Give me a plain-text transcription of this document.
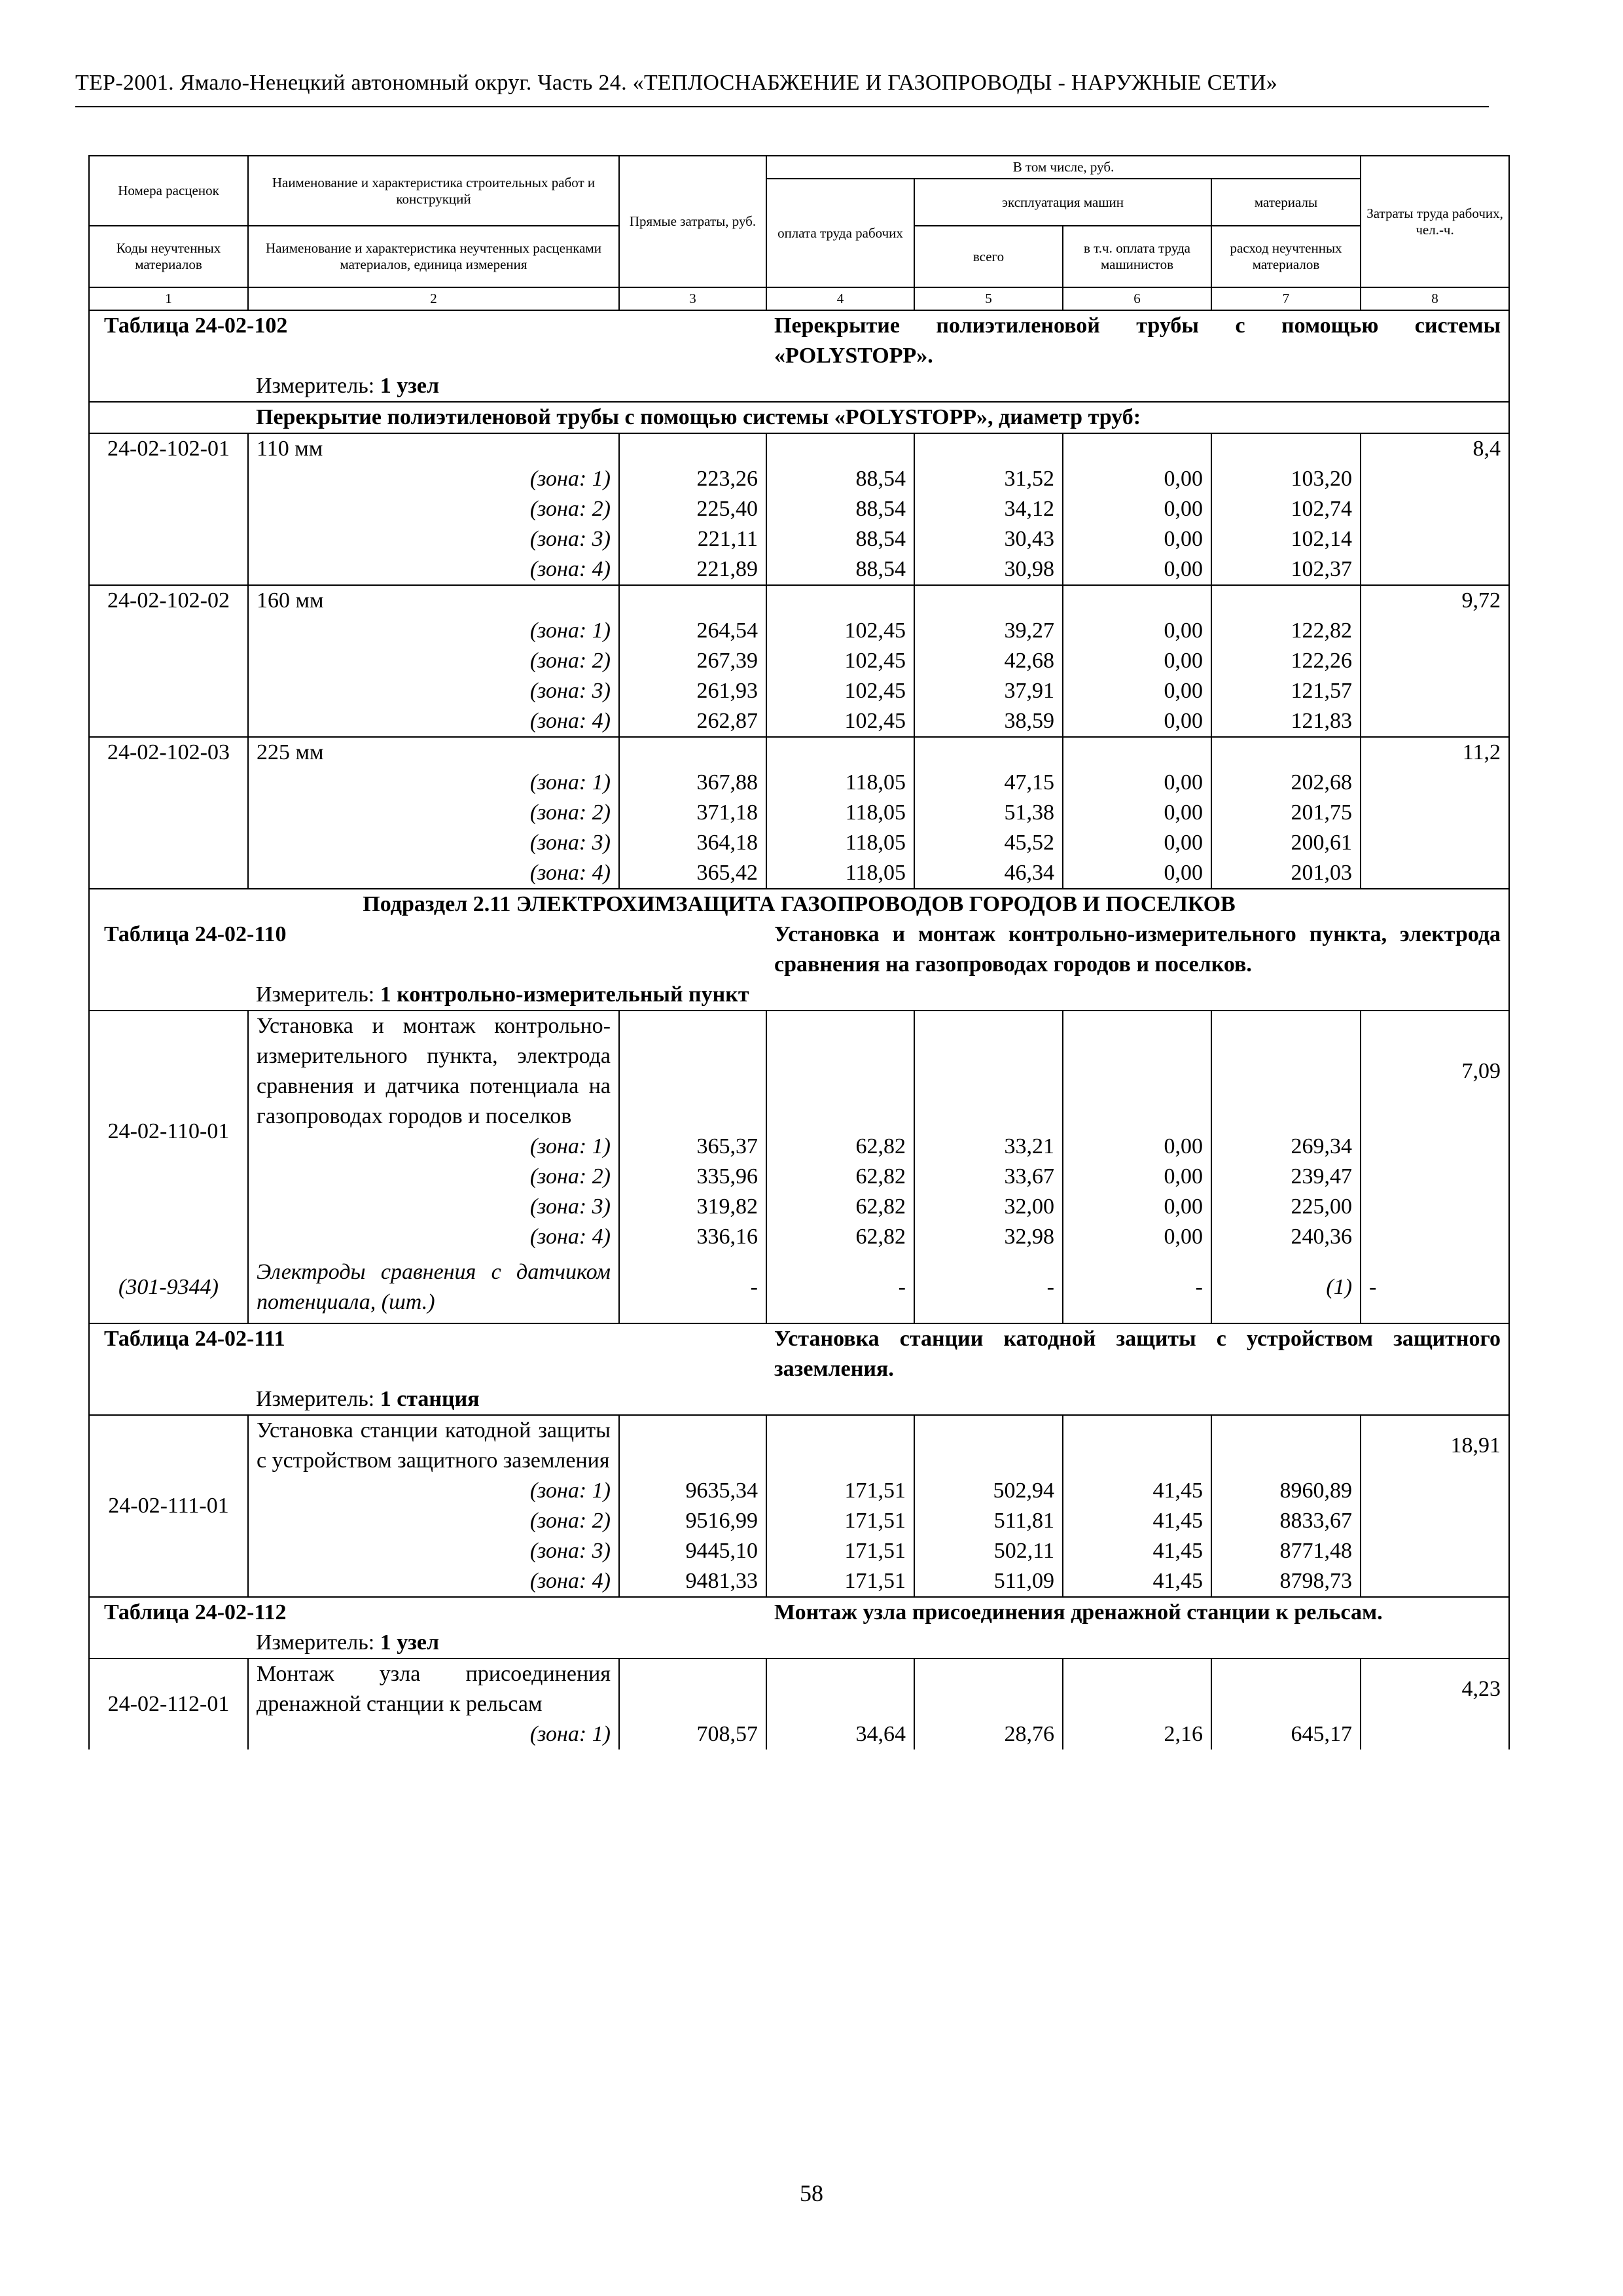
ТЕР-2001. Ямало-Ненецкий автономный округ. Часть 24. «ТЕПЛОСНАБЖЕНИЕ И ГАЗОПРОВОДЫ - НАРУЖНЫЕ СЕТИ»
Номера расценок	Наименование и характеристика строительных работ и конструкций	Прямые затраты, руб.	В том числе, руб.				Затраты труда рабочих, чел.-ч.
			оплата труда рабочих	эксплуатация машин		материалы	
Коды неучтенных материалов	Наименование и характеристика неучтенных расценками материалов, единица измерения			всего	в т.ч. оплата труда машинистов	расход неучтенных материалов	
1	2	3	4	5	6	7	8
Таблица 24-02-102			Перекрытие полиэтиленовой трубы с помощью системы «POLYSTOPP».				
	Измеритель: 1 узел						
	Перекрытие полиэтиленовой трубы с помощью системы «POLYSTOPP», диаметр труб:						
24-02-102-01	110 мм						8,4
	(зона: 1)	223,26	88,54	31,52	0,00	103,20	
	(зона: 2)	225,40	88,54	34,12	0,00	102,74	
	(зона: 3)	221,11	88,54	30,43	0,00	102,14	
	(зона: 4)	221,89	88,54	30,98	0,00	102,37	
24-02-102-02	160 мм						9,72
	(зона: 1)	264,54	102,45	39,27	0,00	122,82	
	(зона: 2)	267,39	102,45	42,68	0,00	122,26	
	(зона: 3)	261,93	102,45	37,91	0,00	121,57	
	(зона: 4)	262,87	102,45	38,59	0,00	121,83	
24-02-102-03	225 мм						11,2
	(зона: 1)	367,88	118,05	47,15	0,00	202,68	
	(зона: 2)	371,18	118,05	51,38	0,00	201,75	
	(зона: 3)	364,18	118,05	45,52	0,00	200,61	
	(зона: 4)	365,42	118,05	46,34	0,00	201,03	
Подраздел 2.11 ЭЛЕКТРОХИМЗАЩИТА ГАЗОПРОВОДОВ ГОРОДОВ И ПОСЕЛКОВ							
Таблица 24-02-110			Установка и монтаж контрольно-измерительного пункта, электрода сравнения на газопроводах городов и поселков.				
	Измеритель: 1 контрольно-измерительный пункт						
24-02-110-01	Установка и монтаж контрольно-измерительного пункта, электрода сравнения и датчика потенциала на газопроводах городов и поселков						7,09
	(зона: 1)	365,37	62,82	33,21	0,00	269,34	
	(зона: 2)	335,96	62,82	33,67	0,00	239,47	
	(зона: 3)	319,82	62,82	32,00	0,00	225,00	
	(зона: 4)	336,16	62,82	32,98	0,00	240,36	
(301-9344)	Электроды сравнения с датчиком потенциала, (шт.)	-	-	-	-	(1)	-

Таблица 24-02-111			Установка станции катодной защиты с устройством защитного заземления.				
	Измеритель: 1 станция						
24-02-111-01	Установка станции катодной защиты с устройством защитного заземления						18,91
	(зона: 1)	9635,34	171,51	502,94	41,45	8960,89	
	(зона: 2)	9516,99	171,51	511,81	41,45	8833,67	
	(зона: 3)	9445,10	171,51	502,11	41,45	8771,48	
	(зона: 4)	9481,33	171,51	511,09	41,45	8798,73	

Таблица 24-02-112			Монтаж узла присоединения дренажной станции к рельсам.				
	Измеритель: 1 узел						
24-02-112-01	Монтаж узла присоединения дренажной станции к рельсам						4,23
	(зона: 1)	708,57	34,64	28,76	2,16	645,17	
58
